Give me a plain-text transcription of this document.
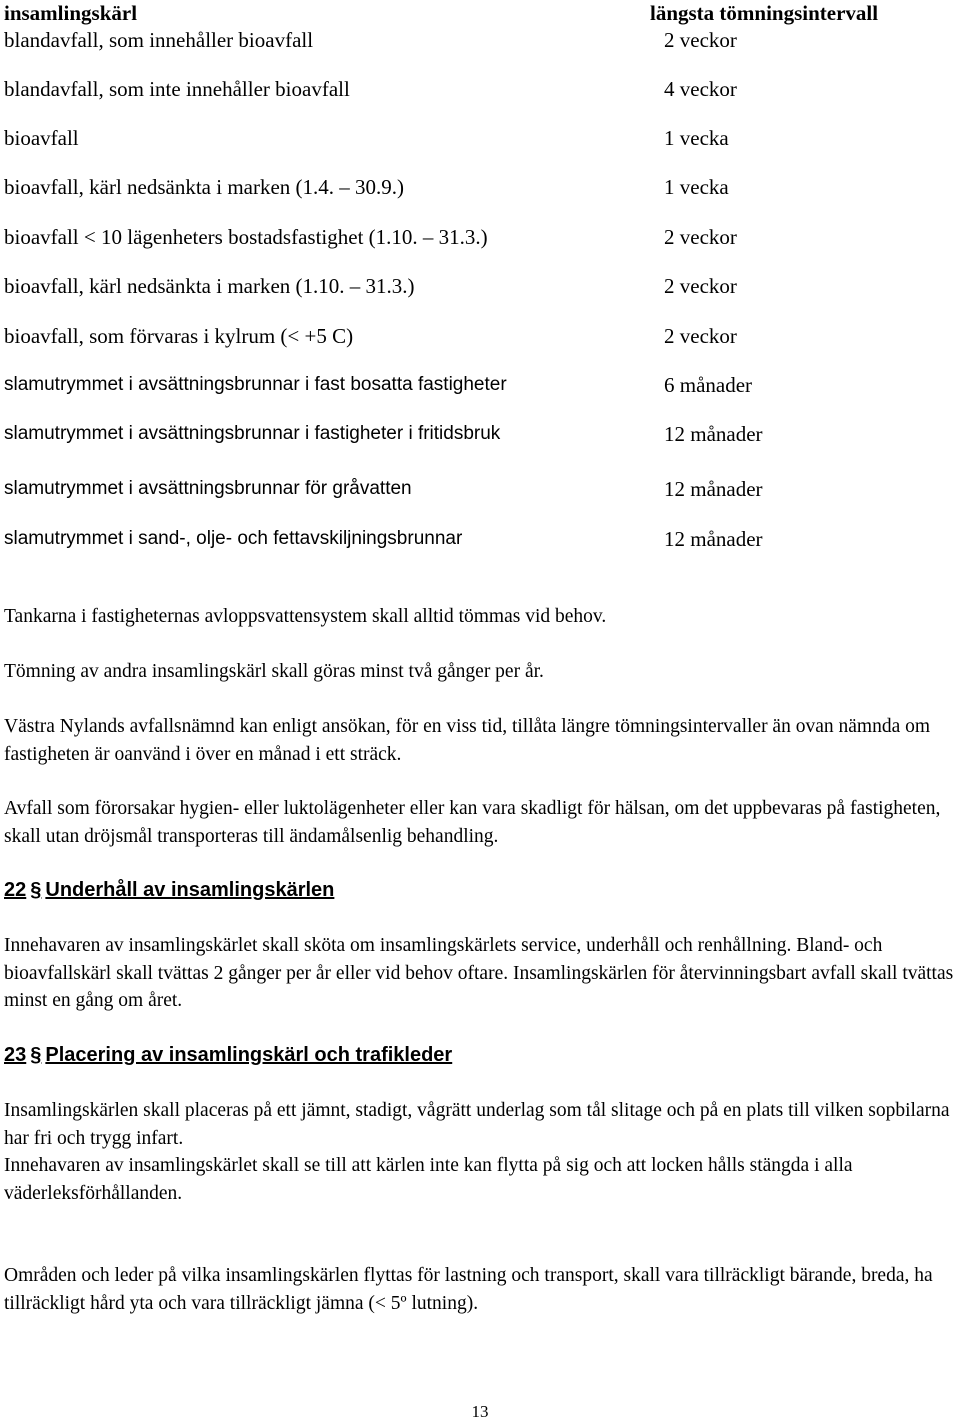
insamlingskärl	längsta tömningsintervall
blandavfall, som innehåller bioavfall	2 veckor
blandavfall, som inte innehåller bioavfall	4 veckor
bioavfall	1 vecka
bioavfall, kärl nedsänkta i marken (1.4. – 30.9.)	1 vecka
bioavfall < 10 lägenheters bostadsfastighet (1.10. – 31.3.)	2 veckor
bioavfall, kärl nedsänkta i marken (1.10. – 31.3.)	2 veckor
bioavfall, som förvaras i kylrum (< +5 C)	2 veckor
slamutrymmet i avsättningsbrunnar i fast bosatta fastigheter	6 månader
slamutrymmet i avsättningsbrunnar i fastigheter i fritidsbruk	12 månader
slamutrymmet i avsättningsbrunnar för gråvatten	12 månader
slamutrymmet i sand-, olje- och fettavskiljningsbrunnar	12 månader
Tankarna i fastigheternas avloppsvattensystem skall alltid tömmas vid behov.
Tömning av andra insamlingskärl skall göras minst två gånger per år.
Västra Nylands avfallsnämnd kan enligt ansökan, för en viss tid, tillåta längre tömningsintervaller än ovan nämnda om fastigheten är oanvänd i över en månad i ett sträck.
Avfall som förorsakar hygien- eller luktolägenheter eller kan vara skadligt för hälsan, om det uppbevaras på fastigheten, skall utan dröjsmål transporteras till ändamålsenlig behandling.
22 § Underhåll av insamlingskärlen
Innehavaren av insamlingskärlet skall sköta om insamlingskärlets service, underhåll och renhållning. Bland- och bioavfallskärl skall tvättas 2 gånger per år eller vid behov oftare. Insamlingskärlen för återvinningsbart avfall skall tvättas minst en gång om året.
23 § Placering av insamlingskärl och trafikleder
Insamlingskärlen skall placeras på ett jämnt, stadigt, vågrätt underlag som tål slitage och på en plats till vilken sopbilarna har fri och trygg infart.
Innehavaren av insamlingskärlet skall se till att kärlen inte kan flytta på sig och att locken hålls stängda i alla väderleksförhållanden.
Områden och leder på vilka insamlingskärlen flyttas för lastning och transport, skall vara tillräckligt bärande, breda, ha tillräckligt hård yta och vara tillräckligt jämna (< 5º lutning).
13
